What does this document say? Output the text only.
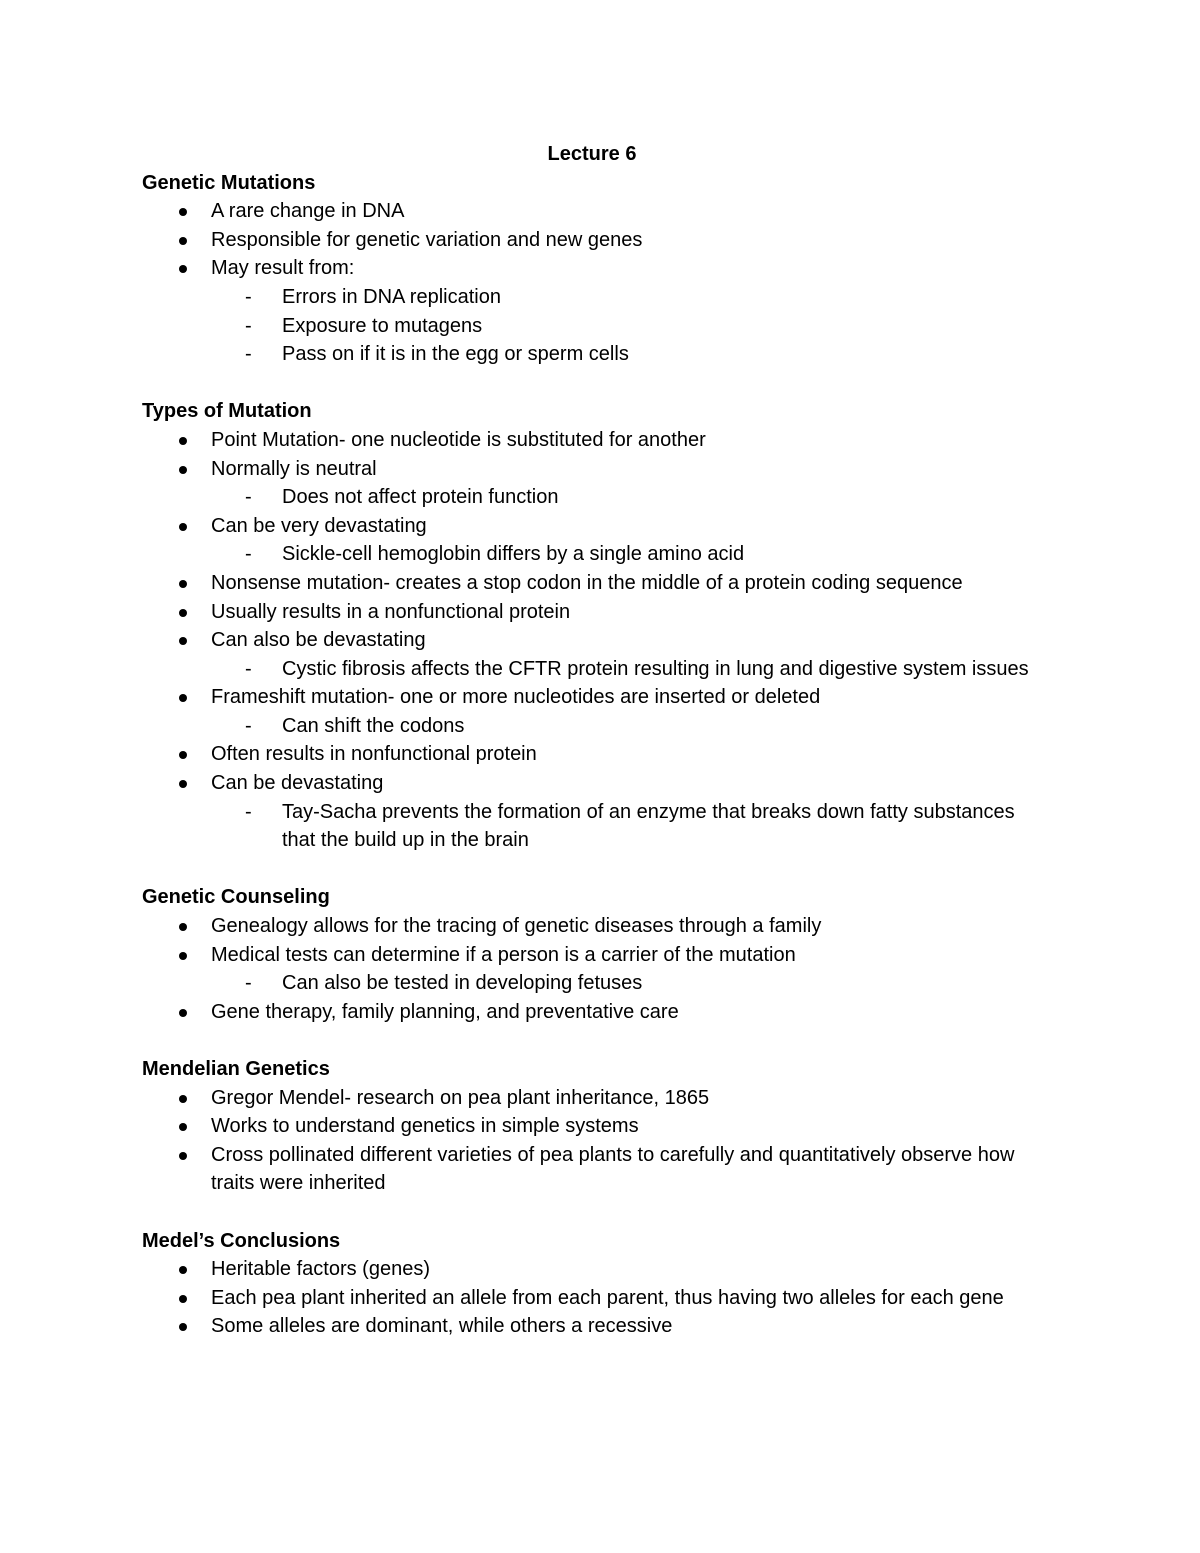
Lecture 6
Genetic Mutations
A rare change in DNA
Responsible for genetic variation and new genes
May result from:
- Errors in DNA replication
- Exposure to mutagens
- Pass on if it is in the egg or sperm cells
Types of Mutation
Point Mutation- one nucleotide is substituted for another
Normally is neutral
- Does not affect protein function
Can be very devastating
- Sickle-cell hemoglobin differs by a single amino acid
Nonsense mutation- creates a stop codon in the middle of a protein coding sequence
Usually results in a nonfunctional protein
Can also be devastating
- Cystic fibrosis affects the CFTR protein resulting in lung and digestive system issues
Frameshift mutation- one or more nucleotides are inserted or deleted
- Can shift the codons
Often results in nonfunctional protein
Can be devastating
- Tay-Sacha prevents the formation of an enzyme that breaks down fatty substances that the build up in the brain
Genetic Counseling
Genealogy allows for the tracing of genetic diseases through a family
Medical tests can determine if a person is a carrier of the mutation
- Can also be tested in developing fetuses
Gene therapy, family planning, and preventative care
Mendelian Genetics
Gregor Mendel- research on pea plant inheritance, 1865
Works to understand genetics in simple systems
Cross pollinated different varieties of pea plants to carefully and quantitatively observe how traits were inherited
Medel’s Conclusions
Heritable factors (genes)
Each pea plant inherited an allele from each parent, thus having two alleles for each gene
Some alleles are dominant, while others a recessive
